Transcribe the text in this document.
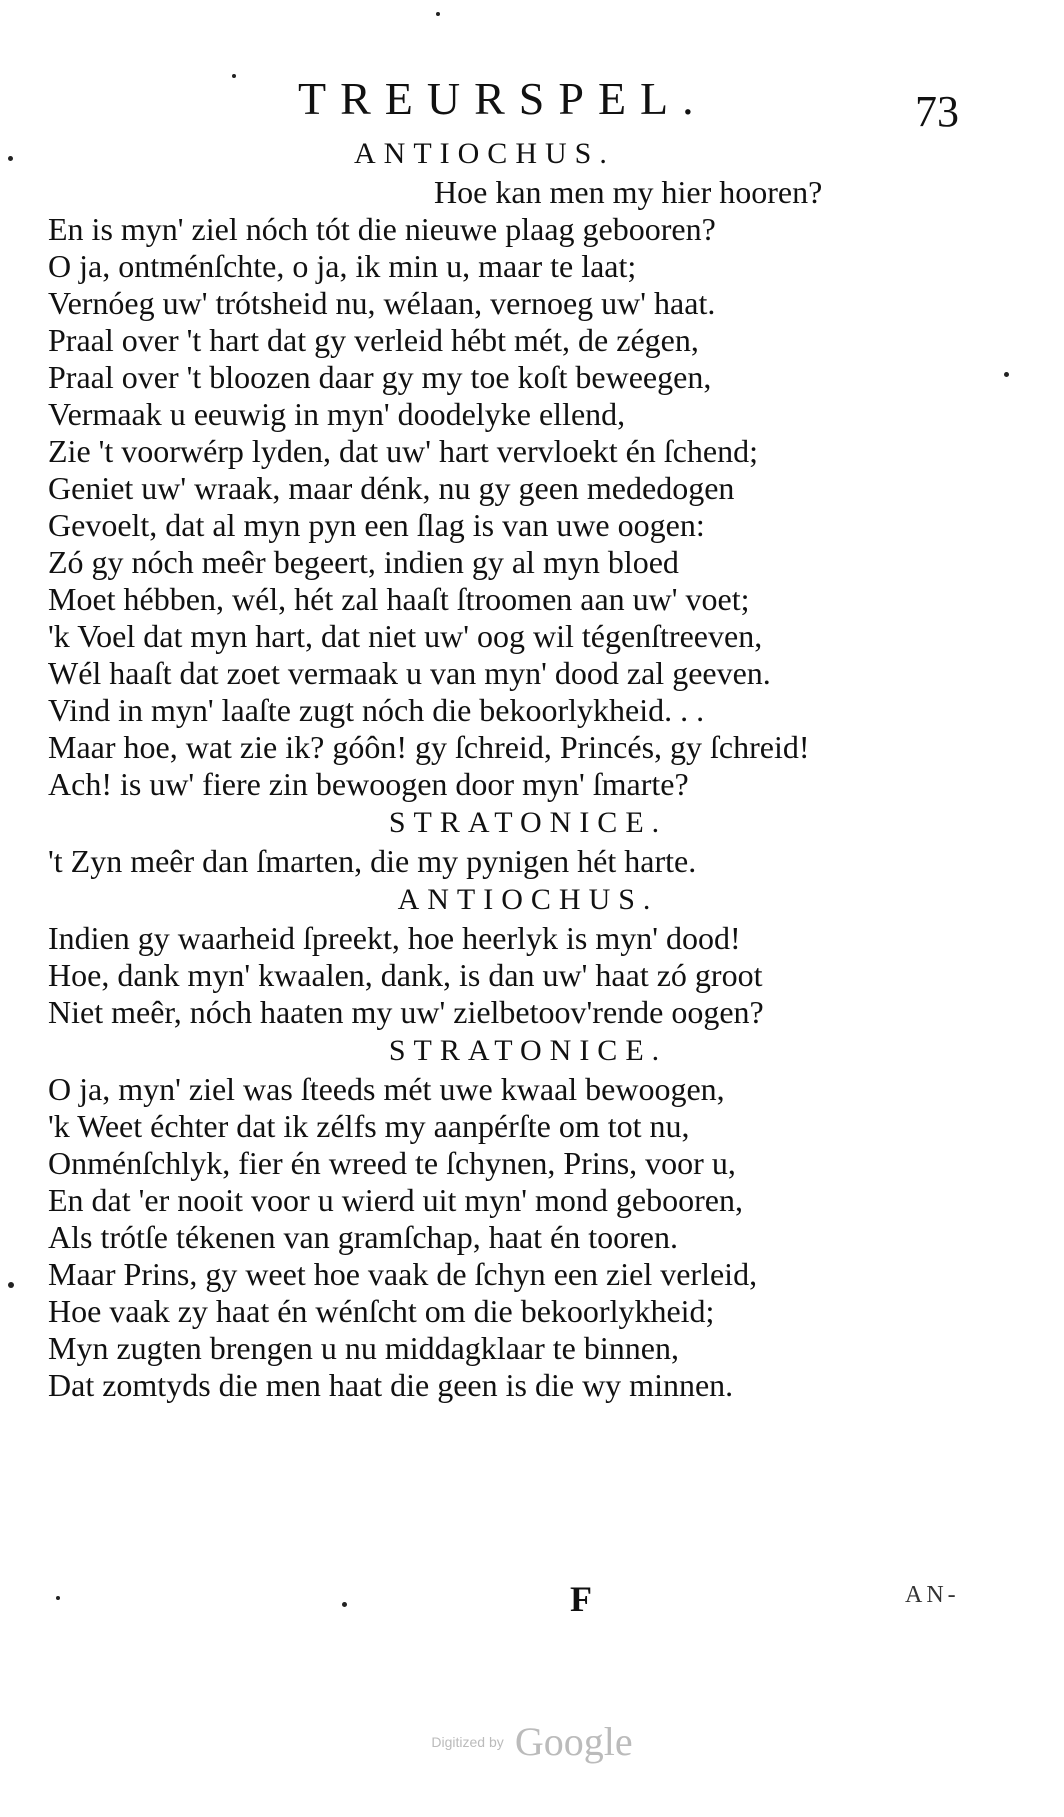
TREURSPEL.	73
ANTIOCHUS.
Hoe kan men my hier hooren?
En is myn' ziel nóch tót die nieuwe plaag gebooren?
O ja, ontménſchte, o ja, ik min u, maar te laat;
Vernóeg uw' trótsheid nu, wélaan, vernoeg uw' haat.
Praal over 't hart dat gy verleid hébt mét, de zégen,
Praal over 't bloozen daar gy my toe koſt beweegen,
Vermaak u eeuwig in myn' doodelyke ellend,
Zie 't voorwérp lyden, dat uw' hart vervloekt én ſchend;
Geniet uw' wraak, maar dénk, nu gy geen mededogen
Gevoelt, dat al myn pyn een ſlag is van uwe oogen:
Zó gy nóch meêr begeert, indien gy al myn bloed
Moet hébben, wél, hét zal haaſt ſtroomen aan uw' voet;
'k Voel dat myn hart, dat niet uw' oog wil tégenſtreeven,
Wél haaſt dat zoet vermaak u van myn' dood zal geeven.
Vind in myn' laaſte zugt nóch die bekoorlykheid. . .
Maar hoe, wat zie ik? góôn! gy ſchreid, Princés, gy ſchreid!
Ach! is uw' fiere zin bewoogen door myn' ſmarte?
STRATONICE.
't Zyn meêr dan ſmarten, die my pynigen hét harte.
ANTIOCHUS.
Indien gy waarheid ſpreekt, hoe heerlyk is myn' dood!
Hoe, dank myn' kwaalen, dank, is dan uw' haat zó groot
Niet meêr, nóch haaten my uw' zielbetoov'rende oogen?
STRATONICE.
O ja, myn' ziel was ſteeds mét uwe kwaal bewoogen,
'k Weet échter dat ik zélfs my aanpérſte om tot nu,
Onménſchlyk, fier én wreed te ſchynen, Prins, voor u,
En dat 'er nooit voor u wierd uit myn' mond gebooren,
Als trótſe tékenen van gramſchap, haat én tooren.
Maar Prins, gy weet hoe vaak de ſchyn een ziel verleid,
Hoe vaak zy haat én wénſcht om die bekoorlykheid;
Myn zugten brengen u nu middagklaar te binnen,
Dat zomtyds die men haat die geen is die wy minnen.
F	AN-
Digitized by Google
